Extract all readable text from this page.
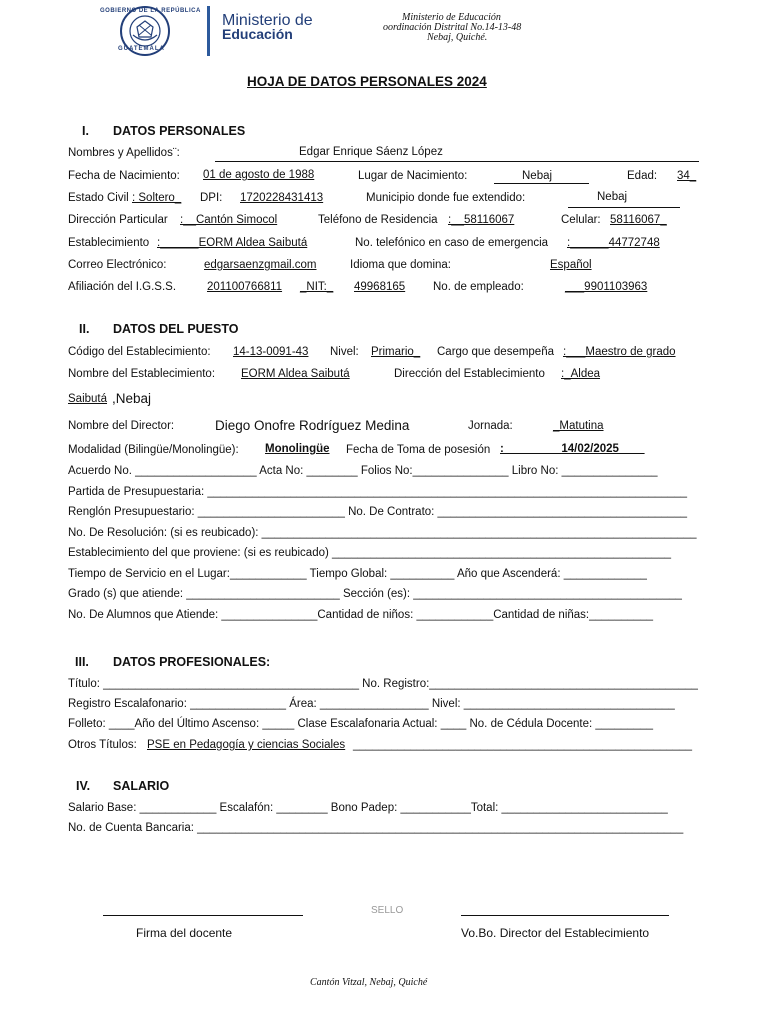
GOBIERNO DE LA REPÚBLICA
GUATEMALA
Ministerio de
Educación
Ministerio de Educación
oordinación Distrital No.14-13-48
Nebaj, Quiché.
HOJA DE DATOS PERSONALES 2024
I. DATOS PERSONALES
Nombres y Apellidos¨:	Edgar Enrique Sáenz López
Fecha de Nacimiento: 01 de agosto de 1988	Lugar de Nacimiento:	Nebaj	Edad: 34_
Estado Civil : Soltero_ DPI: 1720228431413	Municipio donde fue extendido:	Nebaj
Dirección Particular :__Cantón Simocol	Teléfono de Residencia :__58116067	Celular: 58116067_
Establecimiento :______EORM Aldea Saibutá	No. telefónico en caso de emergencia :______44772748
Correo Electrónico:	edgarsaenzgmail.com	Idioma que domina:	Español
Afiliación del I.G.S.S.	201100766811 _NIT:_ 49968165 No. de empleado:	___9901103963
II. DATOS DEL PUESTO
Código del Establecimiento: 14-13-0091-43 Nivel: Primario_ Cargo que desempeña :___Maestro de grado
Nombre del Establecimiento: EORM Aldea Saibutá	Dirección del Establecimiento :_Aldea
Saibutá ,Nebaj
Nombre del Director:	Diego Onofre Rodríguez Medina	Jornada:	_Matutina
Modalidad (Bilingüe/Monolingüe): Monolingüe Fecha de Toma de posesión :_________14/02/2025____
Acuerdo No. ___________________ Acta No: ________ Folios No:_______________ Libro No: _______________
Partida de Presupuestaria: ___________________________________________________________________________
Renglón Presupuestario: _______________________ No. De Contrato: _______________________________________
No. De Resolución: (si es reubicado): ____________________________________________________________________
Establecimiento del que proviene: (si es reubicado) _____________________________________________________
Tiempo de Servicio en el Lugar:____________ Tiempo Global: __________ Año que Ascenderá: _____________
Grado (s) que atiende: ________________________ Sección (es): __________________________________________
No. De Alumnos que Atiende: _______________Cantidad de niños: ____________Cantidad de niñas:__________
III. DATOS PROFESIONALES:
Título: ________________________________________ No. Registro:__________________________________________
Registro Escalafonario: _______________ Área: _________________ Nivel: _________________________________
Folleto: ____Año del Último Ascenso: _____ Clase Escalafonaria Actual: ____ No. de Cédula Docente: _________
Otros Títulos: PSE en Pedagogía y ciencias Sociales _____________________________________________________
IV. SALARIO
Salario Base: ____________ Escalafón: ________ Bono Padep: ___________Total: __________________________
No. de Cuenta Bancaria: ____________________________________________________________________________
SELLO
Firma del docente	Vo.Bo. Director del Establecimiento
Cantón Vitzal, Nebaj, Quiché
